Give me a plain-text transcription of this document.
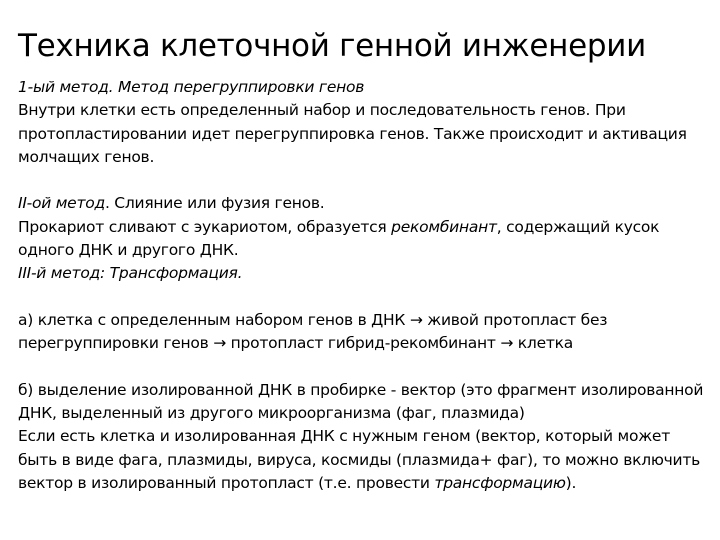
Техника клеточной генной инженерии

1-ый метод. Метод перегруппировки генов

Внутри клетки есть определенный набор и последовательность генов. При протопластировании идет перегруппировка генов. Также происходит и активация молчащих генов.

II-ой метод. Слияние или фузия генов.

Прокариот сливают с эукариотом, образуется рекомбинант, содержащий кусок одного ДНК и другого ДНК.

III-й метод: Трансформация.

а) клетка с определенным набором генов в ДНК → живой протопласт без перегруппировки генов → протопласт гибрид-рекомбинант → клетка

б) выделение изолированной ДНК в пробирке - вектор (это фрагмент изолированной ДНК, выделенный из другого микроорганизма (фаг, плазмида)

Если есть клетка и изолированная ДНК с нужным геном (вектор, который может быть в виде фага, плазмиды, вируса, космиды (плазмида+ фаг), то можно включить вектор в изолированный протопласт (т.е. провести трансформацию).
